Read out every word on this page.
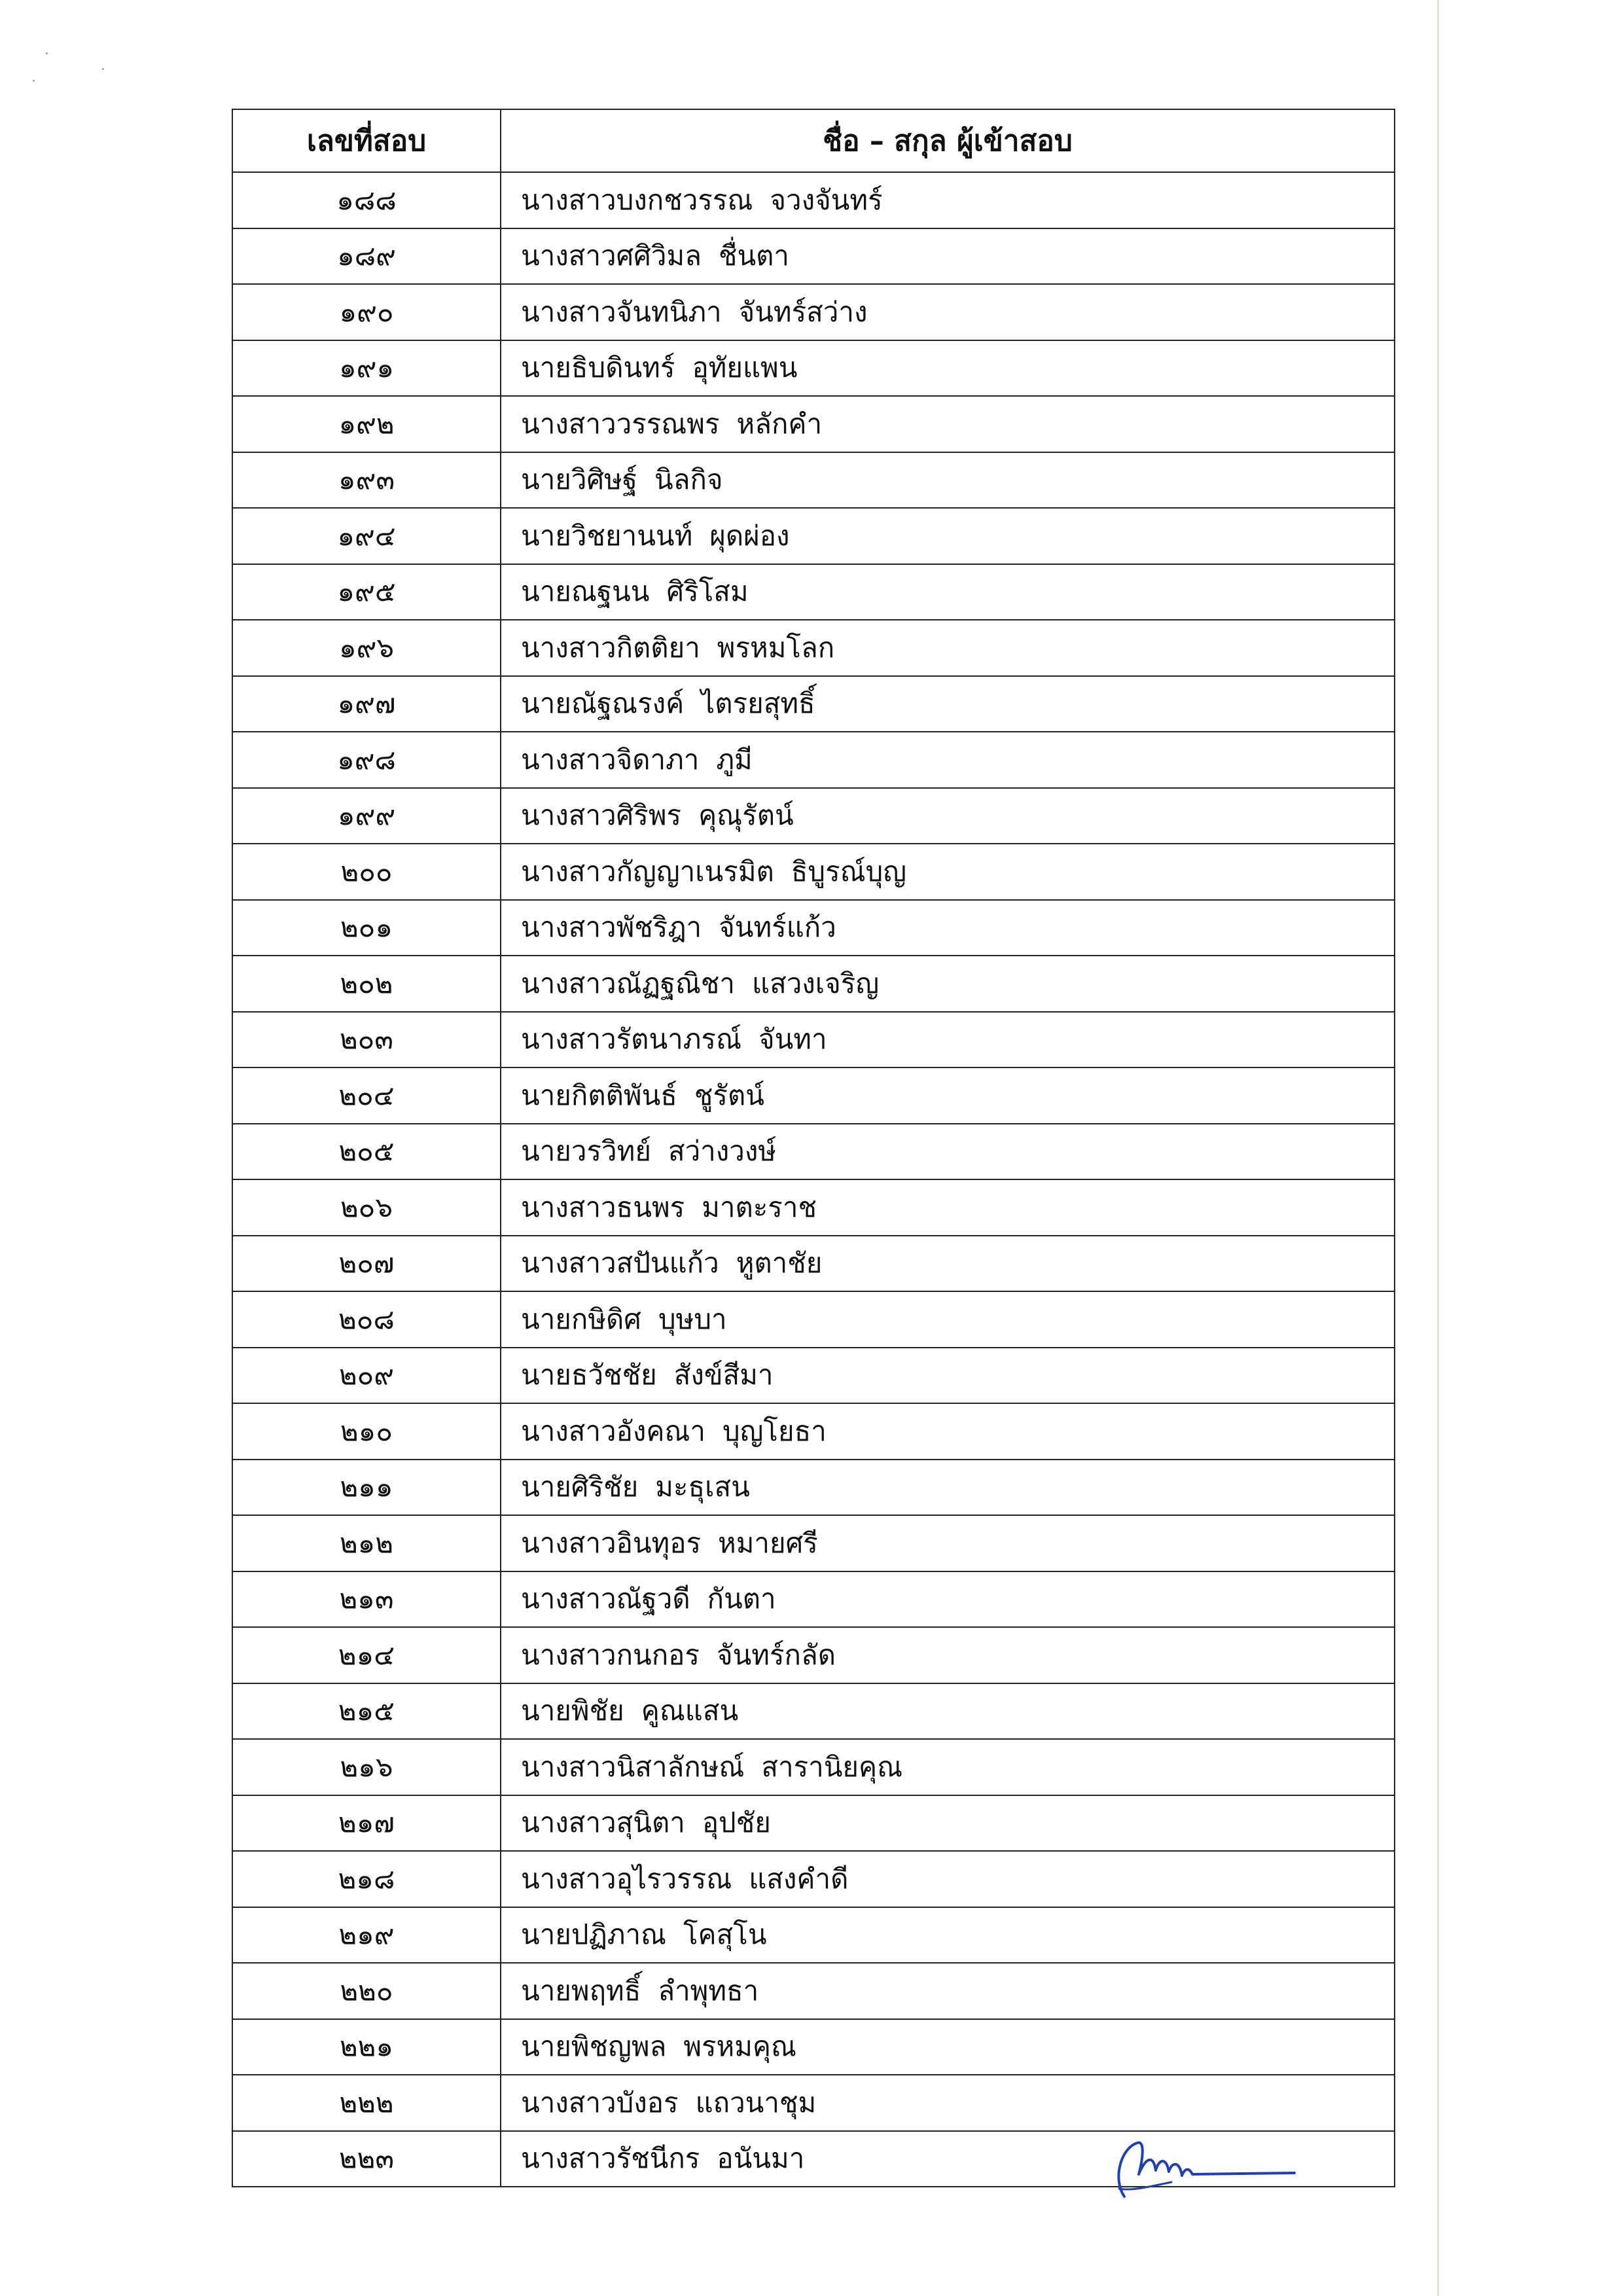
เลขที่สอบ	ชื่อ – สกุล ผู้เข้าสอบ
๑๘๘	นางสาวบงกชวรรณ จวงจันทร์
๑๘๙	นางสาวศศิวิมล ชื่นตา
๑๙๐	นางสาวจันทนิภา จันทร์สว่าง
๑๙๑	นายธิบดินทร์ อุทัยแพน
๑๙๒	นางสาววรรณพร หลักคำ
๑๙๓	นายวิศิษฐ์ นิลกิจ
๑๙๔	นายวิชยานนท์ ผุดผ่อง
๑๙๕	นายณฐนน ศิริโสม
๑๙๖	นางสาวกิตติยา พรหมโลก
๑๙๗	นายณัฐณรงค์ ไตรยสุทธิ์
๑๙๘	นางสาวจิดาภา ภูมี
๑๙๙	นางสาวศิริพร คุณุรัตน์
๒๐๐	นางสาวกัญญาเนรมิต ธิบูรณ์บุญ
๒๐๑	นางสาวพัชริฎา จันทร์แก้ว
๒๐๒	นางสาวณัฏฐณิชา แสวงเจริญ
๒๐๓	นางสาวรัตนาภรณ์ จันทา
๒๐๔	นายกิตติพันธ์ ชูรัตน์
๒๐๕	นายวรวิทย์ สว่างวงษ์
๒๐๖	นางสาวธนพร มาตะราช
๒๐๗	นางสาวสปันแก้ว หูตาชัย
๒๐๘	นายกษิดิศ บุษบา
๒๐๙	นายธวัชชัย สังข์สีมา
๒๑๐	นางสาวอังคณา บุญโยธา
๒๑๑	นายศิริชัย มะธุเสน
๒๑๒	นางสาวอินทุอร หมายศรี
๒๑๓	นางสาวณัฐวดี กันตา
๒๑๔	นางสาวกนกอร จันทร์กลัด
๒๑๕	นายพิชัย คูณแสน
๒๑๖	นางสาวนิสาลักษณ์ สารานิยคุณ
๒๑๗	นางสาวสุนิตา อุปชัย
๒๑๘	นางสาวอุไรวรรณ แสงคำดี
๒๑๙	นายปฏิภาณ โคสุโน
๒๒๐	นายพฤทธิ์ ลำพุทธา
๒๒๑	นายพิชญพล พรหมคุณ
๒๒๒	นางสาวบังอร แถวนาชุม
๒๒๓	นางสาวรัชนีกร อนันมา
